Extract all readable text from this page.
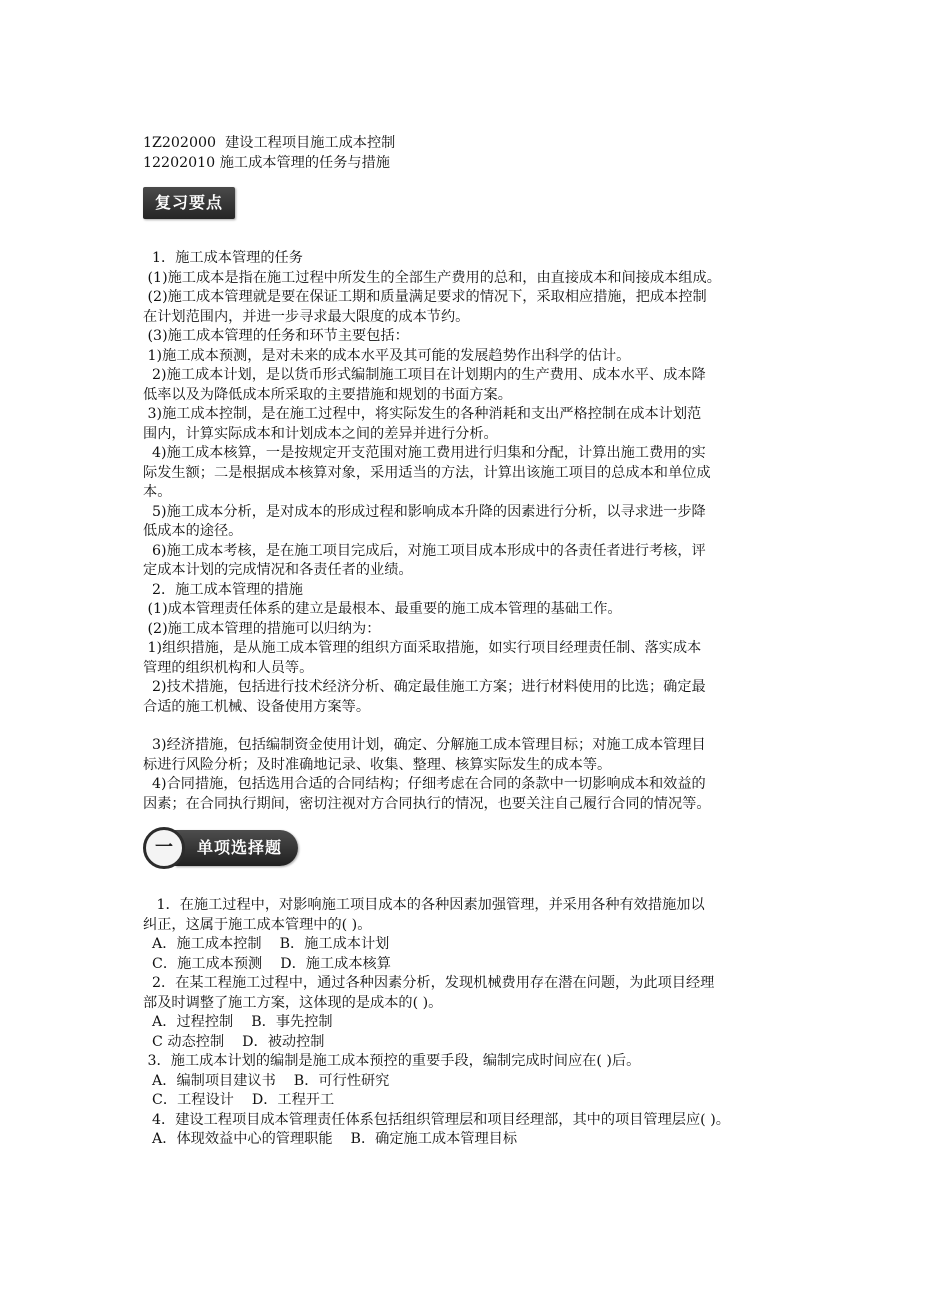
1Z202000  建设工程项目施工成本控制
12202010 施工成本管理的任务与措施
复习要点
1．施工成本管理的任务
(1)施工成本是指在施工过程中所发生的全部生产费用的总和，由直接成本和间接成本组成。
(2)施工成本管理就是要在保证工期和质量满足要求的情况下，采取相应措施，把成本控制
在计划范围内，并进一步寻求最大限度的成本节约。
(3)施工成本管理的任务和环节主要包括：
1)施工成本预测，是对未来的成本水平及其可能的发展趋势作出科学的估计。
2)施工成本计划，是以货币形式编制施工项目在计划期内的生产费用、成本水平、成本降
低率以及为降低成本所采取的主要措施和规划的书面方案。
3)施工成本控制，是在施工过程中，将实际发生的各种消耗和支出严格控制在成本计划范
围内，计算实际成本和计划成本之间的差异并进行分析。
4)施工成本核算，一是按规定开支范围对施工费用进行归集和分配，计算出施工费用的实
际发生额；二是根据成本核算对象，采用适当的方法，计算出该施工项目的总成本和单位成
本。
5)施工成本分析，是对成本的形成过程和影响成本升降的因素进行分析，以寻求进一步降
低成本的途径。
6)施工成本考核，是在施工项目完成后，对施工项目成本形成中的各责任者进行考核，评
定成本计划的完成情况和各责任者的业绩。
2．施工成本管理的措施
(1)成本管理责任体系的建立是最根本、最重要的施工成本管理的基础工作。
(2)施工成本管理的措施可以归纳为：
1)组织措施，是从施工成本管理的组织方面采取措施，如实行项目经理责任制、落实成本
管理的组织机构和人员等。
2)技术措施，包括进行技术经济分析、确定最佳施工方案；进行材料使用的比选；确定最
合适的施工机械、设备使用方案等。
3)经济措施，包括编制资金使用计划，确定、分解施工成本管理目标；对施工成本管理目
标进行风险分析；及时准确地记录、收集、整理、核算实际发生的成本等。
4)合同措施，包括选用合适的合同结构；仔细考虑在合同的条款中一切影响成本和效益的
因素；在合同执行期间，密切注视对方合同执行的情况，也要关注自己履行合同的情况等。
一	单项选择题
1．在施工过程中，对影响施工项目成本的各种因素加强管理，并采用各种有效措施加以
纠正，这属于施工成本管理中的( )。
A．施工成本控制    B．施工成本计划
C．施工成本预测    D．施工成本核算
2．在某工程施工过程中，通过各种因素分析，发现机械费用存在潜在问题，为此项目经理
部及时调整了施工方案，这体现的是成本的( )。
A．过程控制    B．事先控制
C 动态控制    D．被动控制
3．施工成本计划的编制是施工成本预控的重要手段，编制完成时间应在( )后。
A．编制项目建议书    B．可行性研究
C．工程设计    D．工程开工
4．建设工程项目成本管理责任体系包括组织管理层和项目经理部，其中的项目管理层应( )。
A．体现效益中心的管理职能    B．确定施工成本管理目标
